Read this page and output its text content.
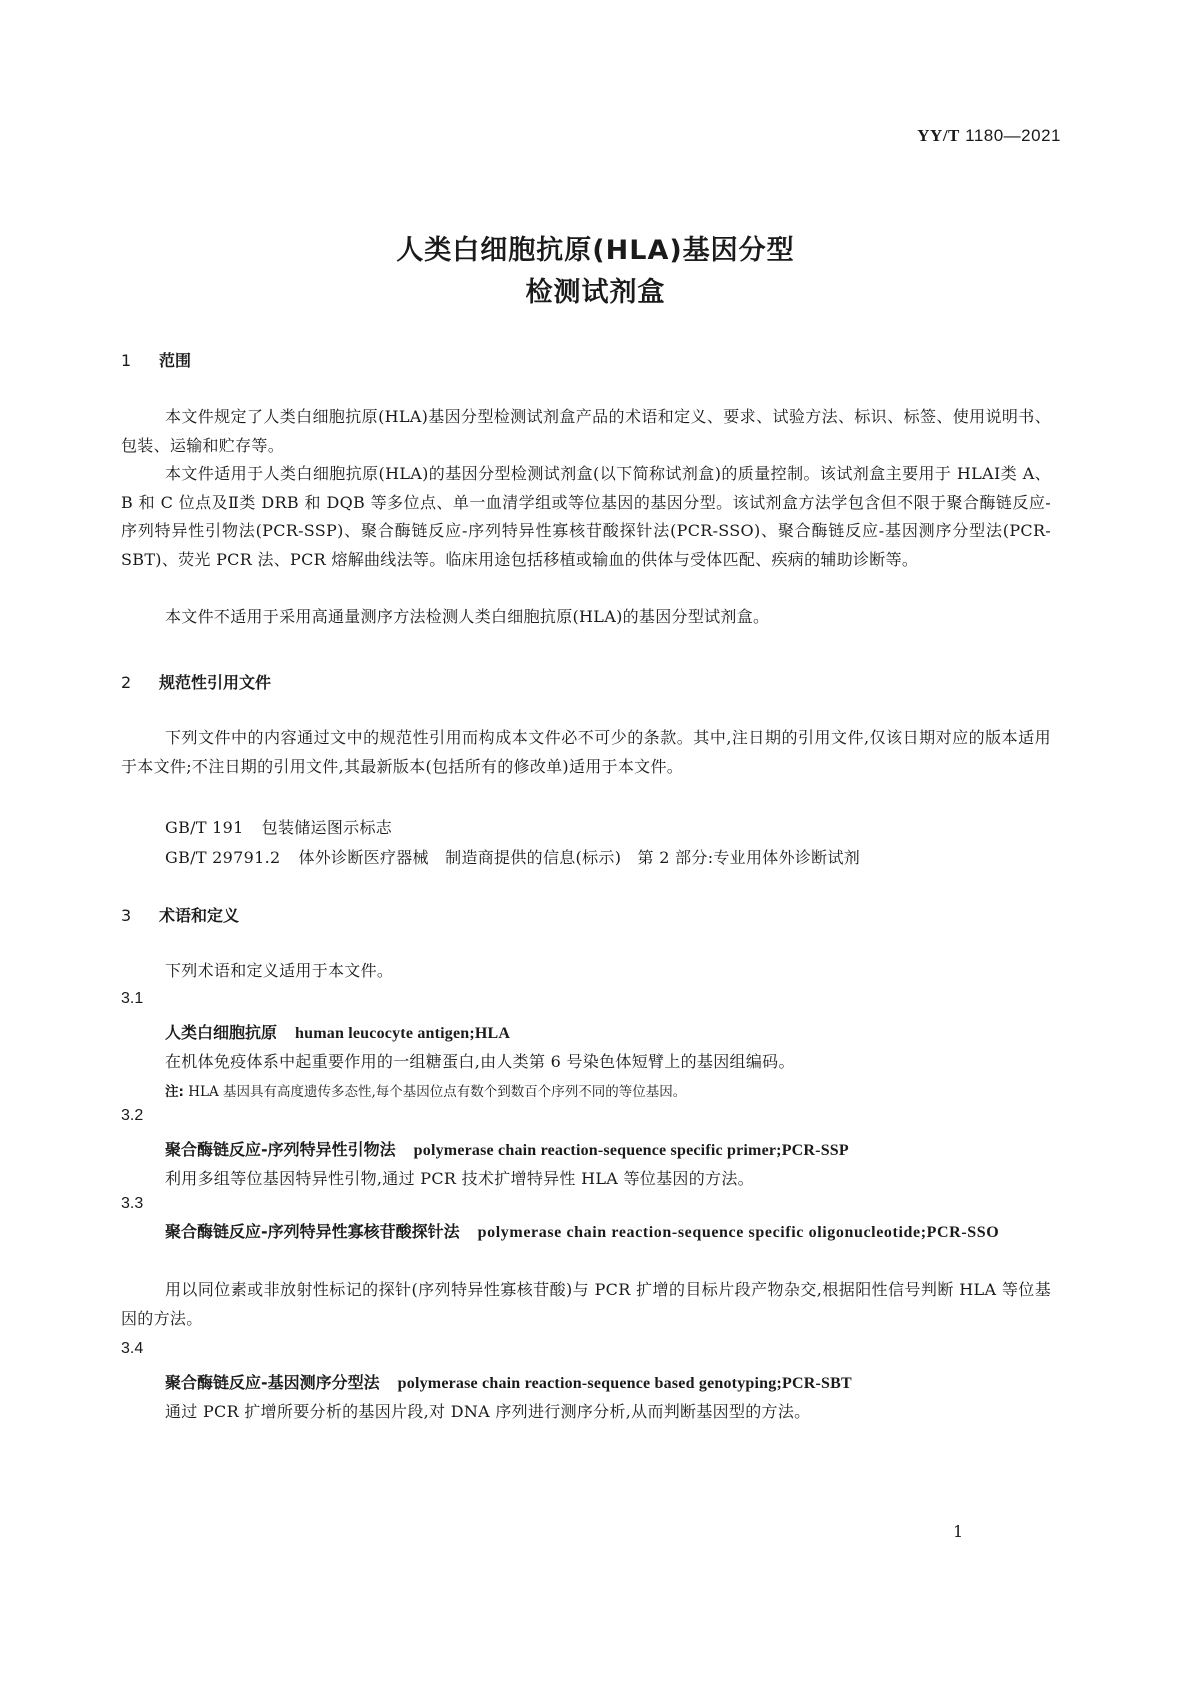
YY/T 1180—2021
人类白细胞抗原(HLA)基因分型
检测试剂盒
1 范围
本文件规定了人类白细胞抗原(HLA)基因分型检测试剂盒产品的术语和定义、要求、试验方法、标识、标签、使用说明书、包装、运输和贮存等。
本文件适用于人类白细胞抗原(HLA)的基因分型检测试剂盒(以下简称试剂盒)的质量控制。该试剂盒主要用于 HLAⅠ类 A、B 和 C 位点及Ⅱ类 DRB 和 DQB 等多位点、单一血清学组或等位基因的基因分型。该试剂盒方法学包含但不限于聚合酶链反应-序列特异性引物法(PCR-SSP)、聚合酶链反应-序列特异性寡核苷酸探针法(PCR-SSO)、聚合酶链反应-基因测序分型法(PCR-SBT)、荧光 PCR 法、PCR 熔解曲线法等。临床用途包括移植或输血的供体与受体匹配、疾病的辅助诊断等。
本文件不适用于采用高通量测序方法检测人类白细胞抗原(HLA)的基因分型试剂盒。
2 规范性引用文件
下列文件中的内容通过文中的规范性引用而构成本文件必不可少的条款。其中,注日期的引用文件,仅该日期对应的版本适用于本文件;不注日期的引用文件,其最新版本(包括所有的修改单)适用于本文件。
GB/T 191 包装储运图示标志
GB/T 29791.2 体外诊断医疗器械　制造商提供的信息(标示)　第 2 部分:专业用体外诊断试剂
3 术语和定义
下列术语和定义适用于本文件。
3.1
人类白细胞抗原 human leucocyte antigen;HLA
在机体免疫体系中起重要作用的一组糖蛋白,由人类第 6 号染色体短臂上的基因组编码。
注: HLA 基因具有高度遗传多态性,每个基因位点有数个到数百个序列不同的等位基因。
3.2
聚合酶链反应-序列特异性引物法 polymerase chain reaction-sequence specific primer;PCR-SSP
利用多组等位基因特异性引物,通过 PCR 技术扩增特异性 HLA 等位基因的方法。
3.3
聚合酶链反应-序列特异性寡核苷酸探针法 polymerase chain reaction-sequence specific oligonucleotide;PCR-SSO
用以同位素或非放射性标记的探针(序列特异性寡核苷酸)与 PCR 扩增的目标片段产物杂交,根据阳性信号判断 HLA 等位基因的方法。
3.4
聚合酶链反应-基因测序分型法 polymerase chain reaction-sequence based genotyping;PCR-SBT
通过 PCR 扩增所要分析的基因片段,对 DNA 序列进行测序分析,从而判断基因型的方法。
1
